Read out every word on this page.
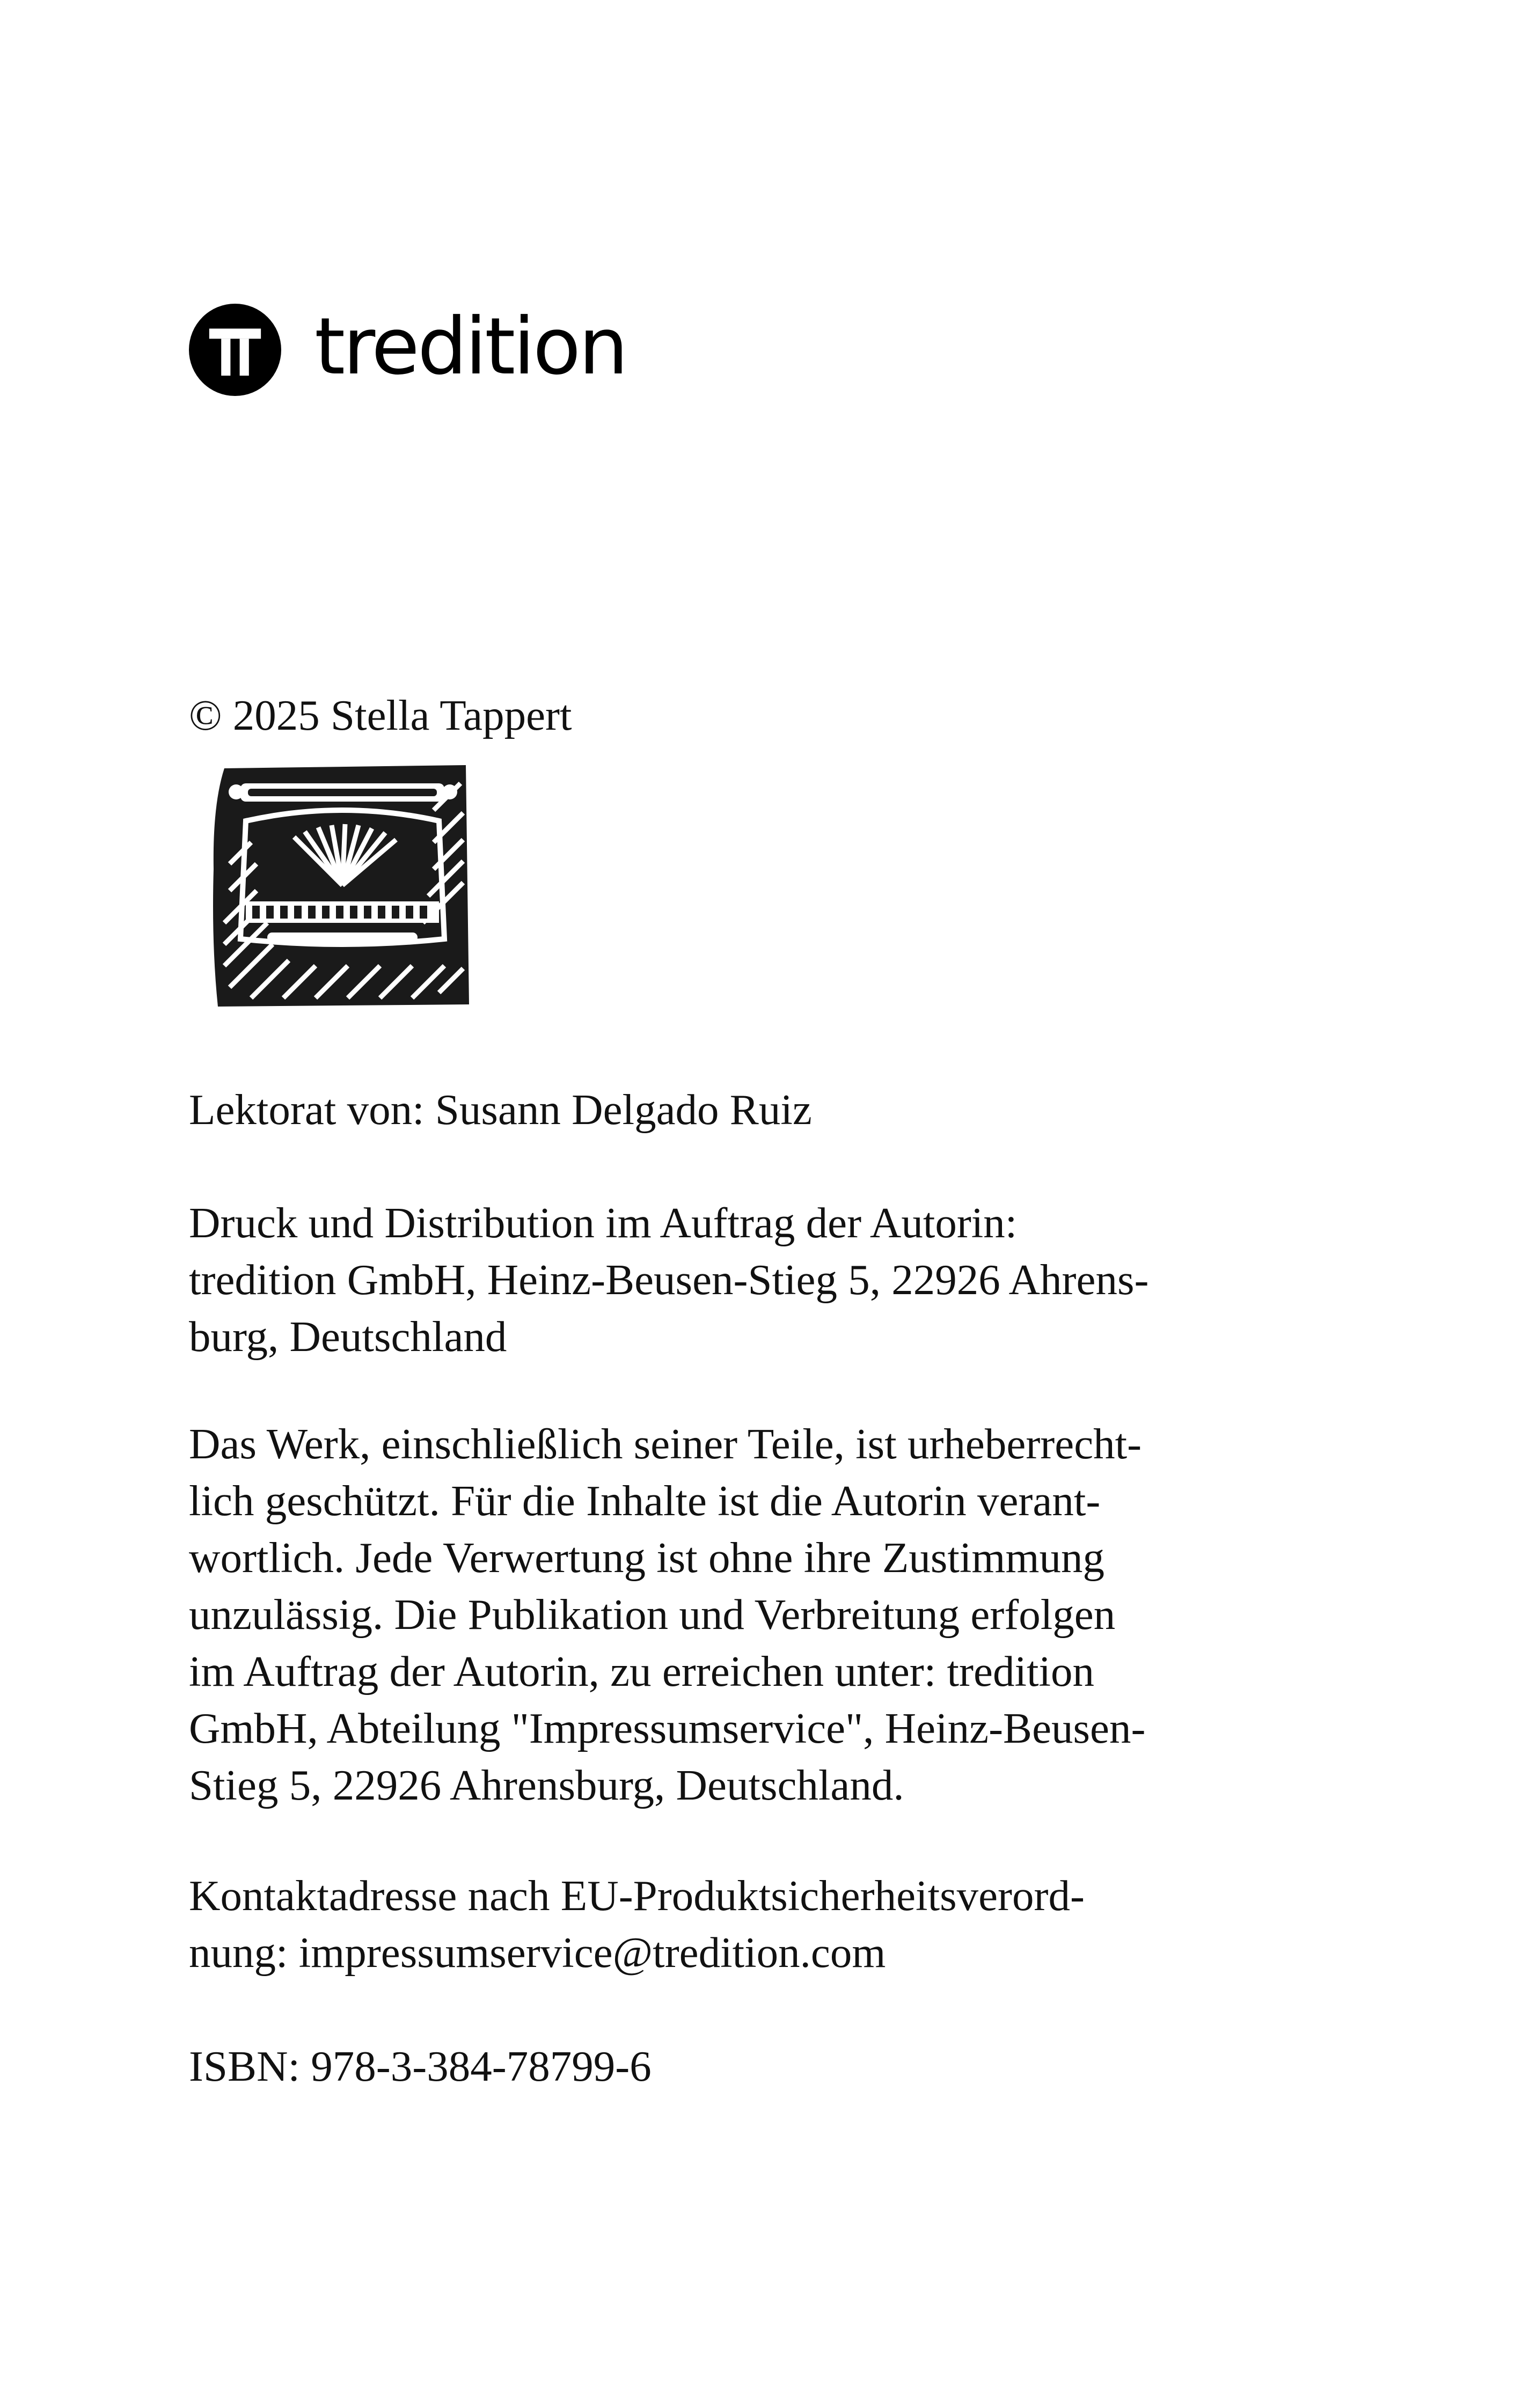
tredition
© 2025 Stella Tappert
Lektorat von: Susann Delgado Ruiz
Druck und Distribution im Auftrag der Autorin:
tredition GmbH, Heinz-Beusen-Stieg 5, 22926 Ahrens-
burg, Deutschland
Das Werk, einschließlich seiner Teile, ist urheberrecht-
lich geschützt. Für die Inhalte ist die Autorin verant-
wortlich. Jede Verwertung ist ohne ihre Zustimmung
unzulässig. Die Publikation und Verbreitung erfolgen
im Auftrag der Autorin, zu erreichen unter: tredition
GmbH, Abteilung "Impressumservice", Heinz-Beusen-
Stieg 5, 22926 Ahrensburg, Deutschland.
Kontaktadresse nach EU-Produktsicherheitsverord-
nung: impressumservice@tredition.com
ISBN: 978-3-384-78799-6
